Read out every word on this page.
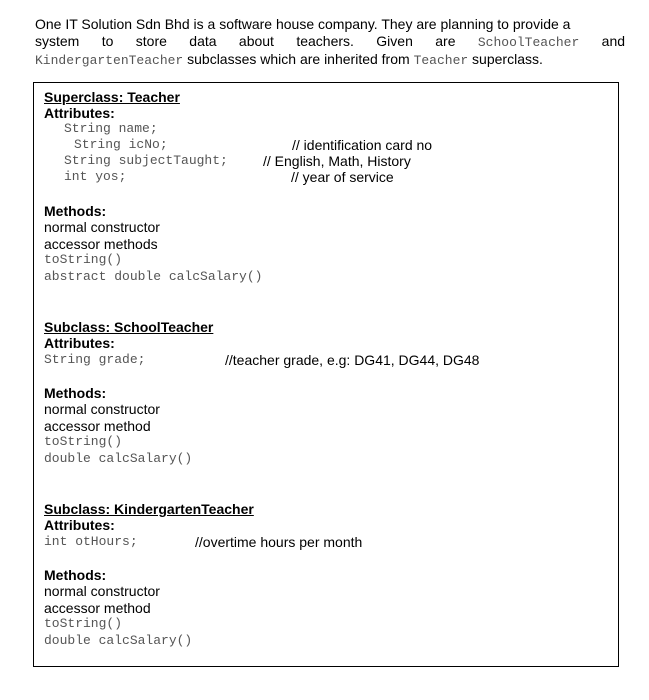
One IT Solution Sdn Bhd is a software house company. They are planning to provide a
system to store data about teachers. Given are SchoolTeacher and
KindergartenTeacher subclasses which are inherited from Teacher superclass.
Superclass: Teacher
Attributes:
String name;
String icNo;	// identification card no
String subjectTaught;	// English, Math, History
int yos;	// year of service
Methods:
normal constructor
accessor methods
toString()
abstract double calcSalary()
Subclass: SchoolTeacher
Attributes:
String grade;	//teacher grade, e.g: DG41, DG44, DG48
Methods:
normal constructor
accessor method
toString()
double calcSalary()
Subclass: KindergartenTeacher
Attributes:
int otHours;	//overtime hours per month
Methods:
normal constructor
accessor method
toString()
double calcSalary()
